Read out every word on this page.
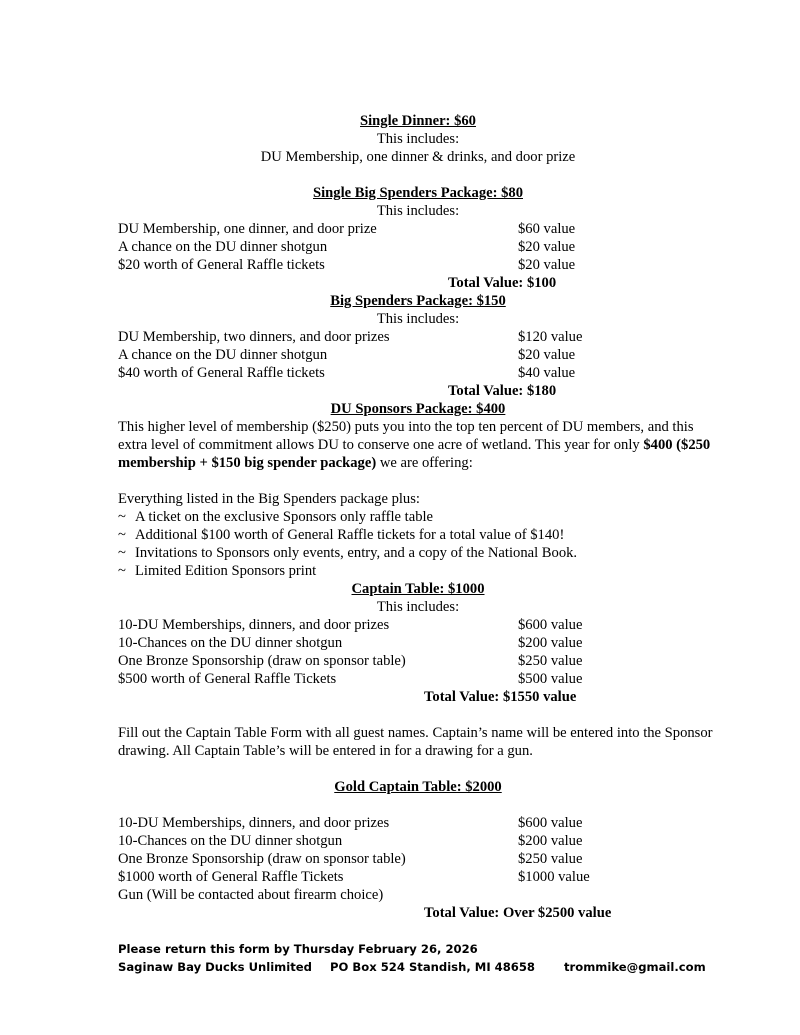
Single Dinner: $60
This includes:
DU Membership, one dinner & drinks, and door prize
Single Big Spenders Package: $80
This includes:
DU Membership, one dinner, and door prize	$60 value
A chance on the DU dinner shotgun	$20 value
$20 worth of General Raffle tickets	$20 value
Total Value: $100
Big Spenders Package: $150
This includes:
DU Membership, two dinners, and door prizes	$120 value
A chance on the DU dinner shotgun	$20 value
$40 worth of General Raffle tickets	$40 value
Total Value: $180
DU Sponsors Package: $400

This higher level of membership ($250) puts you into the top ten percent of DU members, and this extra level of commitment allows DU to conserve one acre of wetland. This year for only $400 ($250 membership + $150 big spender package) we are offering:

Everything listed in the Big Spenders package plus:
~ A ticket on the exclusive Sponsors only raffle table
~ Additional $100 worth of General Raffle tickets for a total value of $140!
~ Invitations to Sponsors only events, entry, and a copy of the National Book.
~ Limited Edition Sponsors print
Captain Table: $1000
This includes:
10-DU Memberships, dinners, and door prizes	$600 value
10-Chances on the DU dinner shotgun	$200 value
One Bronze Sponsorship (draw on sponsor table)	$250 value
$500 worth of General Raffle Tickets	$500 value
Total Value: $1550 value

Fill out the Captain Table Form with all guest names. Captain’s name will be entered into the Sponsor drawing. All Captain Table’s will be entered in for a drawing for a gun.

Gold Captain Table: $2000
10-DU Memberships, dinners, and door prizes	$600 value
10-Chances on the DU dinner shotgun	$200 value
One Bronze Sponsorship (draw on sponsor table)	$250 value
$1000 worth of General Raffle Tickets	$1000 value
Gun (Will be contacted about firearm choice)
Total Value: Over $2500 value
Please return this form by Thursday February 26, 2026
Saginaw Bay Ducks Unlimited PO Box 524 Standish, MI 48658 trommike@gmail.com
